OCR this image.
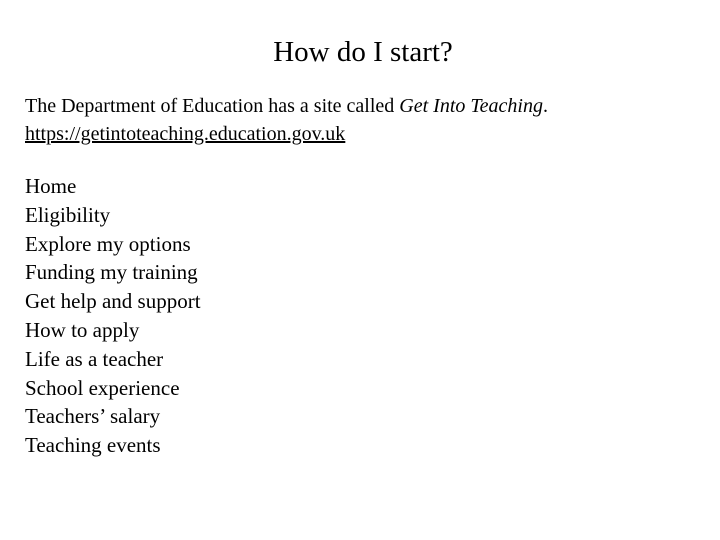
How do I start?

The Department of Education has a site called Get Into Teaching.
https://getintoteaching.education.gov.uk

Home
Eligibility
Explore my options
Funding my training
Get help and support
How to apply
Life as a teacher
School experience
Teachers’ salary
Teaching events
